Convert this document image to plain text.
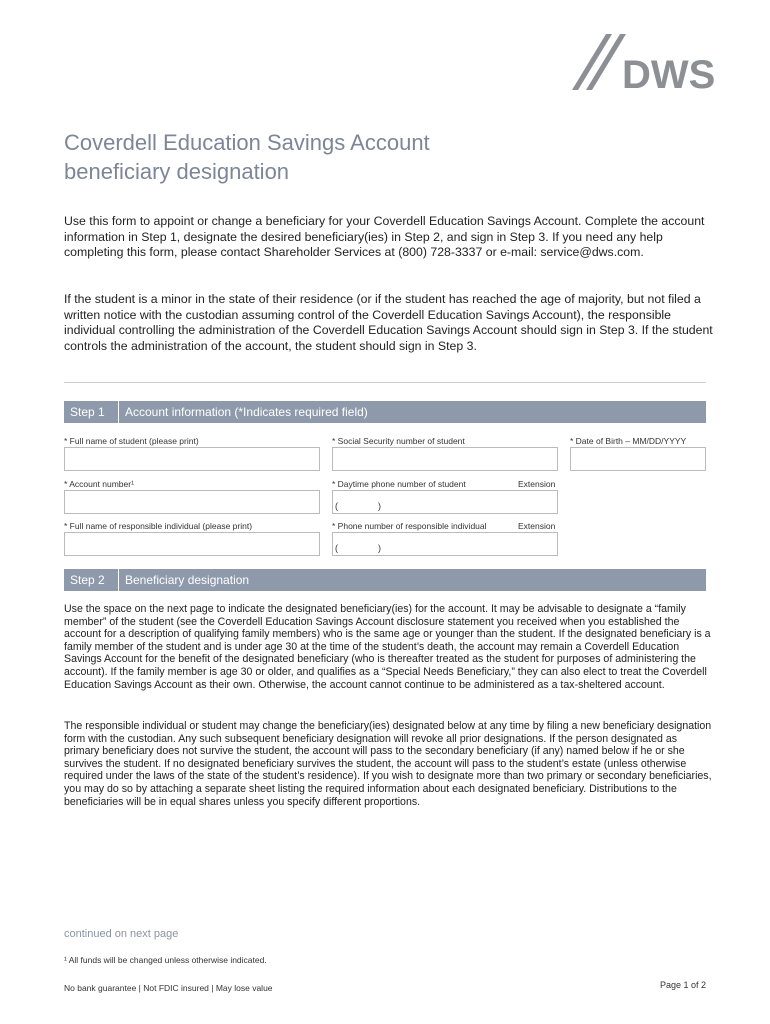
DWS
Coverdell Education Savings Account
beneficiary designation

Use this form to appoint or change a beneficiary for your Coverdell Education Savings Account. Complete the account information in Step 1, designate the desired beneficiary(ies) in Step 2, and sign in Step 3. If you need any help completing this form, please contact Shareholder Services at (800) 728-3337 or e-mail: service@dws.com.

If the student is a minor in the state of their residence (or if the student has reached the age of majority, but not filed a written notice with the custodian assuming control of the Coverdell Education Savings Account), the responsible individual controlling the administration of the Coverdell Education Savings Account should sign in Step 3. If the student controls the administration of the account, the student should sign in Step 3.

Step 1	Account information (*Indicates required field)
* Full name of student (please print)	* Social Security number of student	* Date of Birth – MM/DD/YYYY
* Account number¹	* Daytime phone number of student	Extension
(	)
* Full name of responsible individual (please print)	* Phone number of responsible individual	Extension
(	)
Step 2	Beneficiary designation

Use the space on the next page to indicate the designated beneficiary(ies) for the account. It may be advisable to designate a “family member” of the student (see the Coverdell Education Savings Account disclosure statement you received when you established the account for a description of qualifying family members) who is the same age or younger than the student. If the designated beneficiary is a family member of the student and is under age 30 at the time of the student’s death, the account may remain a Coverdell Education Savings Account for the benefit of the designated beneficiary (who is thereafter treated as the student for purposes of administering the account). If the family member is age 30 or older, and qualifies as a “Special Needs Beneficiary,” they can also elect to treat the Coverdell Education Savings Account as their own. Otherwise, the account cannot continue to be administered as a tax-sheltered account.

The responsible individual or student may change the beneficiary(ies) designated below at any time by filing a new beneficiary designation form with the custodian. Any such subsequent beneficiary designation will revoke all prior designations. If the person designated as primary beneficiary does not survive the student, the account will pass to the secondary beneficiary (if any) named below if he or she survives the student. If no designated beneficiary survives the student, the account will pass to the student’s estate (unless otherwise required under the laws of the state of the student’s residence). If you wish to designate more than two primary or secondary beneficiaries, you may do so by attaching a separate sheet listing the required information about each designated beneficiary. Distributions to the beneficiaries will be in equal shares unless you specify different proportions.

continued on next page
¹ All funds will be changed unless otherwise indicated.
No bank guarantee | Not FDIC insured | May lose value	Page 1 of 2
